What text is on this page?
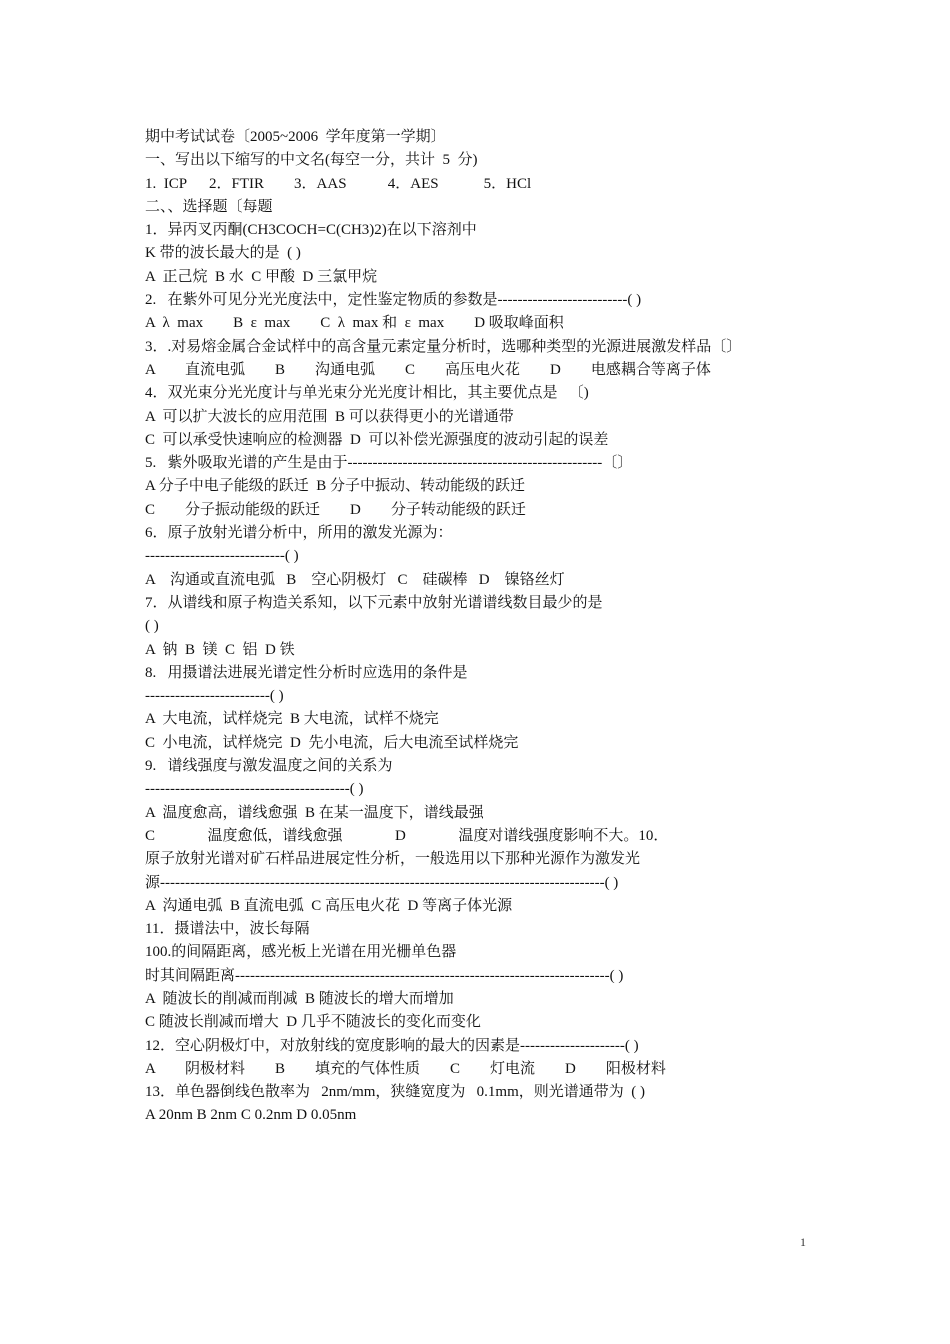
期中考试试卷〔2005~2006  学年度第一学期〕
一、写出以下缩写的中文名(每空一分，共计  5  分)
1.  ICP      2．FTIR        3．AAS           4．AES            5．HCl
二、、选择题〔每题
1．异丙叉丙酮(CH3COCH=C(CH3)2)在以下溶剂中
K 带的波长最大的是  ( )
A  正己烷  B 水  C 甲酸  D 三氯甲烷
2.   在紫外可见分光光度法中，定性鉴定物质的参数是--------------------------( )
A  λ  max        B  ε  max        C  λ  max 和  ε  max        D 吸取峰面积
3．.对易熔金属合金试样中的高含量元素定量分析时，选哪种类型的光源进展激发样品〔〕
A        直流电弧        B        沟通电弧        C        高压电火花        D        电感耦合等离子体
4．双光束分光光度计与单光束分光光度计相比，其主要优点是   〔)
A  可以扩大波长的应用范围  B 可以获得更小的光谱通带
C  可以承受快速响应的检测器  D  可以补偿光源强度的波动引起的误差
5.   紫外吸取光谱的产生是由于---------------------------------------------------〔〕
A 分子中电子能级的跃迁  B 分子中振动、转动能级的跃迁
C        分子振动能级的跃迁        D        分子转动能级的跃迁
6．原子放射光谱分析中，所用的激发光源为：
----------------------------( )
A    沟通或直流电弧   B    空心阴极灯   C    硅碳棒   D    镍铬丝灯
7．从谱线和原子构造关系知，以下元素中放射光谱谱线数目最少的是
( )
A  钠  B  镁  C  铝  D 铁
8.   用摄谱法进展光谱定性分析时应选用的条件是
-------------------------( )
A  大电流，试样烧完  B 大电流，试样不烧完
C  小电流，试样烧完  D  先小电流，后大电流至试样烧完
9.   谱线强度与激发温度之间的关系为
-----------------------------------------( )
A  温度愈高，谱线愈强  B 在某一温度下，谱线最强
C              温度愈低，谱线愈强              D              温度对谱线强度影响不大。10．
原子放射光谱对矿石样品进展定性分析，一般选用以下那种光源作为激发光
源-----------------------------------------------------------------------------------------( )
A  沟通电弧  B 直流电弧  C 高压电火花  D 等离子体光源
11．摄谱法中，波长每隔
100.的间隔距离，感光板上光谱在用光栅单色器
时其间隔距离---------------------------------------------------------------------------( )
A  随波长的削减而削减  B 随波长的增大而增加
C 随波长削减而增大  D 几乎不随波长的变化而变化
12．空心阴极灯中，对放射线的宽度影响的最大的因素是---------------------( )
A        阴极材料        B        填充的气体性质        C        灯电流        D        阳极材料
13．单色器倒线色散率为   2nm/mm，狭缝宽度为   0.1mm，则光谱通带为  ( )
A 20nm B 2nm C 0.2nm D 0.05nm
1
